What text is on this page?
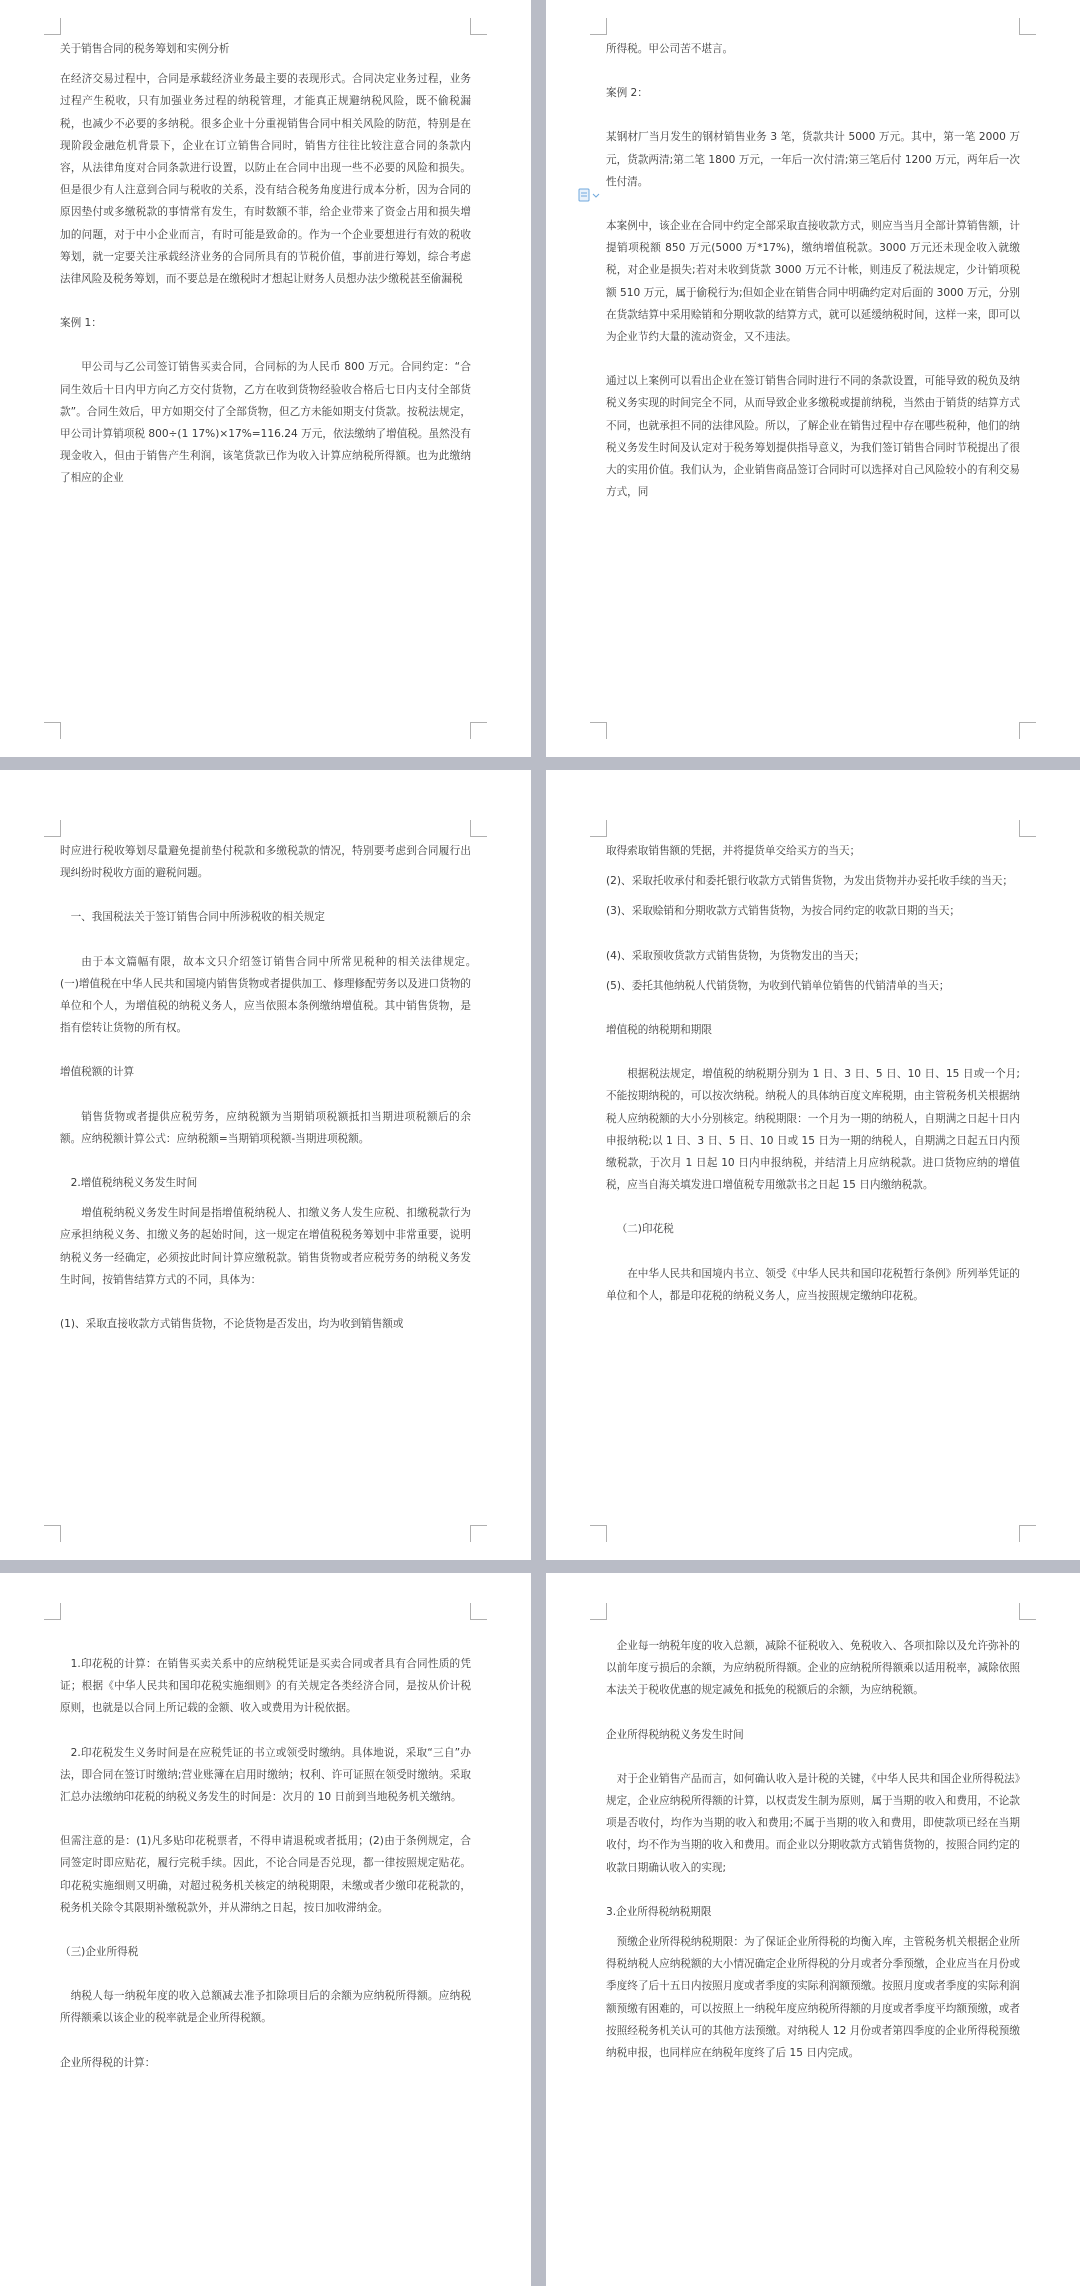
关于销售合同的税务筹划和实例分析

在经济交易过程中，合同是承载经济业务最主要的表现形式。合同决定业务过程，业务过程产生税收，只有加强业务过程的纳税管理，才能真正规避纳税风险，既不偷税漏税，也减少不必要的多纳税。很多企业十分重视销售合同中相关风险的防范，特别是在现阶段金融危机背景下，企业在订立销售合同时，销售方往往比较注意合同的条款内容，从法律角度对合同条款进行设置，以防止在合同中出现一些不必要的风险和损失。但是很少有人注意到合同与税收的关系，没有结合税务角度进行成本分析，因为合同的原因垫付或多缴税款的事情常有发生，有时数额不菲，给企业带来了资金占用和损失增加的问题，对于中小企业而言，有时可能是致命的。作为一个企业要想进行有效的税收筹划，就一定要关注承载经济业务的合同所具有的节税价值，事前进行筹划，综合考虑法律风险及税务筹划，而不要总是在缴税时才想起让财务人员想办法少缴税甚至偷漏税

案例 1：

甲公司与乙公司签订销售买卖合同，合同标的为人民币 800 万元。合同约定：“合同生效后十日内甲方向乙方交付货物，乙方在收到货物经验收合格后七日内支付全部货款”。合同生效后，甲方如期交付了全部货物，但乙方未能如期支付货款。按税法规定，甲公司计算销项税 800÷(1 17%)×17%=116.24 万元，依法缴纳了增值税。虽然没有现金收入，但由于销售产生利润，该笔货款已作为收入计算应纳税所得额。也为此缴纳了相应的企业

所得税。甲公司苦不堪言。

案例 2：

某钢材厂当月发生的钢材销售业务 3 笔，货款共计 5000 万元。其中，第一笔 2000 万元，货款两清;第二笔 1800 万元，一年后一次付清;第三笔后付 1200 万元，两年后一次性付清。

本案例中，该企业在合同中约定全部采取直接收款方式，则应当当月全部计算销售额，计提销项税额 850 万元(5000 万*17%)，缴纳增值税款。3000 万元还未现金收入就缴税，对企业是损失;若对未收到货款 3000 万元不计帐，则违反了税法规定，少计销项税额 510 万元，属于偷税行为;但如企业在销售合同中明确约定对后面的 3000 万元，分别在货款结算中采用赊销和分期收款的结算方式，就可以延缓纳税时间，这样一来，即可以为企业节约大量的流动资金，又不违法。

通过以上案例可以看出企业在签订销售合同时进行不同的条款设置，可能导致的税负及纳税义务实现的时间完全不同，从而导致企业多缴税或提前纳税，当然由于销货的结算方式不同，也就承担不同的法律风险。所以，了解企业在销售过程中存在哪些税种，他们的纳税义务发生时间及认定对于税务筹划提供指导意义，为我们签订销售合同时节税提出了很大的实用价值。我们认为，企业销售商品签订合同时可以选择对自己风险较小的有利交易方式，同

时应进行税收筹划尽量避免提前垫付税款和多缴税款的情况，特别要考虑到合同履行出现纠纷时税收方面的避税问题。

一、我国税法关于签订销售合同中所涉税收的相关规定

由于本文篇幅有限，故本文只介绍签订销售合同中所常见税种的相关法律规定。　　(一)增值税在中华人民共和国境内销售货物或者提供加工、修理修配劳务以及进口货物的单位和个人，为增值税的纳税义务人，应当依照本条例缴纳增值税。其中销售货物，是指有偿转让货物的所有权。

增值税额的计算

销售货物或者提供应税劳务，应纳税额为当期销项税额抵扣当期进项税额后的余额。应纳税额计算公式：应纳税额=当期销项税额-当期进项税额。

2.增值税纳税义务发生时间

增值税纳税义务发生时间是指增值税纳税人、扣缴义务人发生应税、扣缴税款行为应承担纳税义务、扣缴义务的起始时间，这一规定在增值税税务筹划中非常重要，说明纳税义务一经确定，必须按此时间计算应缴税款。销售货物或者应税劳务的纳税义务发生时间，按销售结算方式的不同，具体为：

(1)、采取直接收款方式销售货物，不论货物是否发出，均为收到销售额或

取得索取销售额的凭据，并将提货单交给买方的当天；

(2)、采取托收承付和委托银行收款方式销售货物，为发出货物并办妥托收手续的当天；

(3)、采取赊销和分期收款方式销售货物，为按合同约定的收款日期的当天；

(4)、采取预收货款方式销售货物，为货物发出的当天；

(5)、委托其他纳税人代销货物，为收到代销单位销售的代销清单的当天；

增值税的纳税期和期限

根据税法规定，增值税的纳税期分别为 1 日、3 日、5 日、10 日、15 日或一个月;不能按期纳税的，可以按次纳税。纳税人的具体纳百度文库税期，由主管税务机关根据纳税人应纳税额的大小分别核定。纳税期限：一个月为一期的纳税人，自期满之日起十日内申报纳税;以 1 日、3 日、5 日、10 日或 15 日为一期的纳税人，自期满之日起五日内预缴税款，于次月 1 日起 10 日内申报纳税，并结清上月应纳税款。进口货物应纳的增值税，应当自海关填发进口增值税专用缴款书之日起 15 日内缴纳税款。

（二)印花税

在中华人民共和国境内书立、领受《中华人民共和国印花税暂行条例》所列举凭证的单位和个人，都是印花税的纳税义务人，应当按照规定缴纳印花税。

1.印花税的计算：在销售买卖关系中的应纳税凭证是买卖合同或者具有合同性质的凭证；根据《中华人民共和国印花税实施细则》的有关规定各类经济合同，是按从价计税原则，也就是以合同上所记载的金额、收入或费用为计税依据。

2.印花税发生义务时间是在应税凭证的书立或领受时缴纳。具体地说，采取“三自”办法，即合同在签订时缴纳;营业账簿在启用时缴纳；权利、许可证照在领受时缴纳。采取汇总办法缴纳印花税的纳税义务发生的时间是：次月的 10 日前到当地税务机关缴纳。

但需注意的是：(1)凡多贴印花税票者，不得申请退税或者抵用；(2)由于条例规定，合同签定时即应贴花，履行完税手续。因此，不论合同是否兑现，都一律按照规定贴花。印花税实施细则又明确，对超过税务机关核定的纳税期限，未缴或者少缴印花税款的，税务机关除令其限期补缴税款外，并从滞纳之日起，按日加收滞纳金。

（三)企业所得税

纳税人每一纳税年度的收入总额减去准予扣除项目后的余额为应纳税所得额。应纳税所得额乘以该企业的税率就是企业所得税额。

企业所得税的计算：

企业每一纳税年度的收入总额，减除不征税收入、免税收入、各项扣除以及允许弥补的以前年度亏损后的余额，为应纳税所得额。企业的应纳税所得额乘以适用税率，减除依照本法关于税收优惠的规定减免和抵免的税额后的余额，为应纳税额。

企业所得税纳税义务发生时间

对于企业销售产品而言，如何确认收入是计税的关键，《中华人民共和国企业所得税法》规定，企业应纳税所得额的计算，以权责发生制为原则，属于当期的收入和费用，不论款项是否收付，均作为当期的收入和费用;不属于当期的收入和费用，即使款项已经在当期收付，均不作为当期的收入和费用。而企业以分期收款方式销售货物的，按照合同约定的收款日期确认收入的实现;

3.企业所得税纳税期限

预缴企业所得税纳税期限：为了保证企业所得税的均衡入库，主管税务机关根据企业所得税纳税人应纳税额的大小情况确定企业所得税的分月或者分季预缴，企业应当在月份或季度终了后十五日内按照月度或者季度的实际利润额预缴。按照月度或者季度的实际利润额预缴有困难的，可以按照上一纳税年度应纳税所得额的月度或者季度平均额预缴，或者按照经税务机关认可的其他方法预缴。对纳税人 12 月份或者第四季度的企业所得税预缴纳税申报，也同样应在纳税年度终了后 15 日内完成。
